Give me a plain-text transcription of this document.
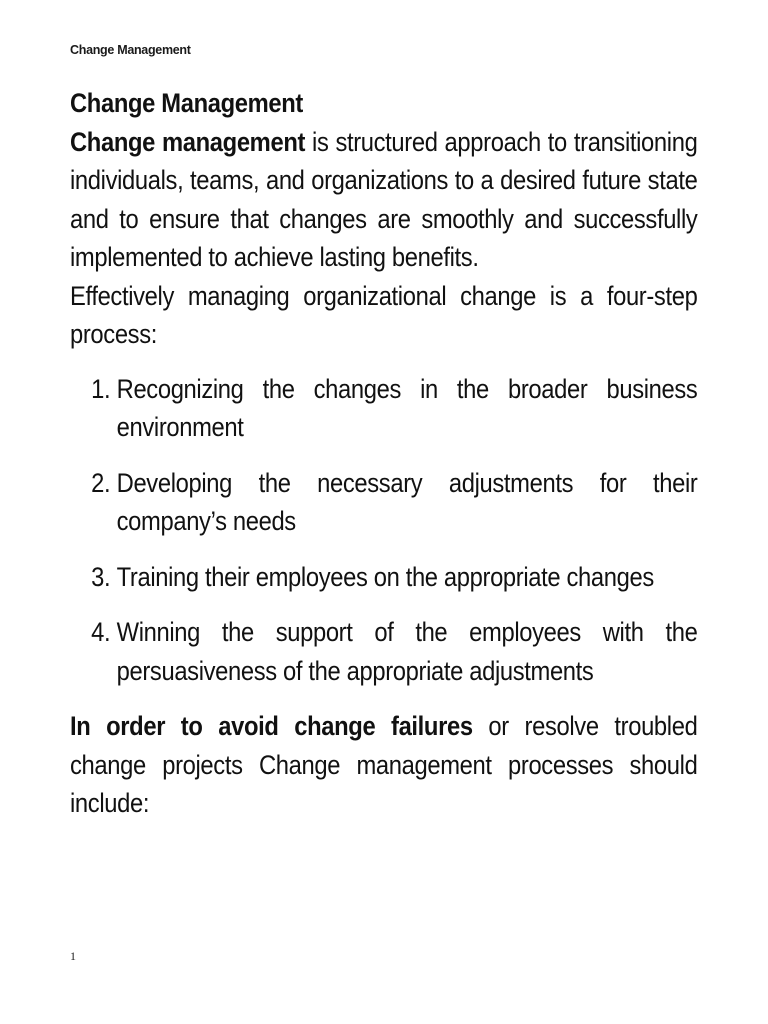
Change Management

Change Management

Change management is structured approach to transitioning individuals, teams, and organizations to a desired future state and to ensure that changes are smoothly and successfully implemented to achieve lasting benefits.

Effectively managing organizational change is a four-step process:

1. Recognizing the changes in the broader business environment
2. Developing the necessary adjustments for their company’s needs
3. Training their employees on the appropriate changes
4. Winning the support of the employees with the persuasiveness of the appropriate adjustments

In order to avoid change failures or resolve troubled change projects Change management processes should include:

1
